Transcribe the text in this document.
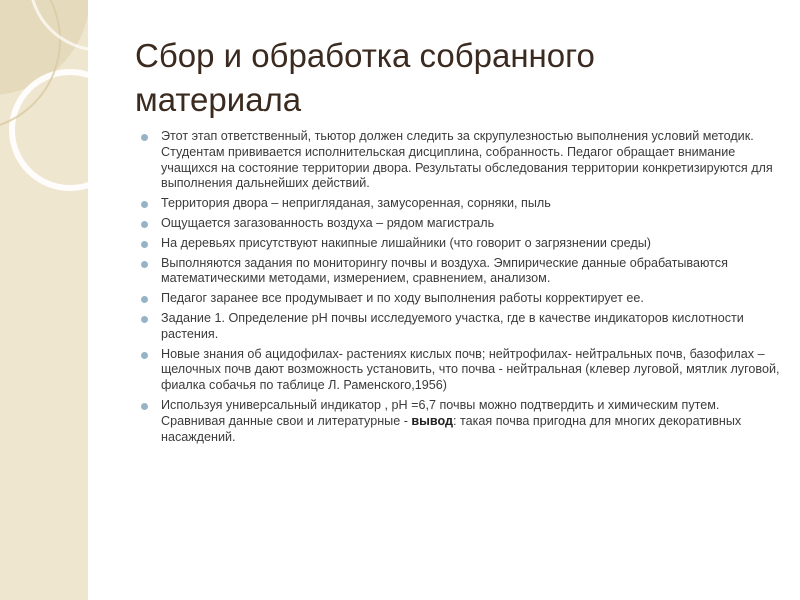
Сбор и обработка собранного материала
Этот этап ответственный, тьютор должен следить за скрупулезностью выполнения условий методик. Студентам прививается исполнительская дисциплина, собранность. Педагог обращает внимание учащихся на состояние территории двора. Результаты обследования территории конкретизируются для выполнения дальнейших действий.
Территория двора – непригляданая, замусоренная, сорняки, пыль
Ощущается загазованность воздуха – рядом магистраль
На деревьях присутствуют накипные лишайники (что говорит о загрязнении среды)
Выполняются задания по мониторингу почвы и воздуха. Эмпирические данные обрабатываются математическими методами, измерением, сравнением, анализом.
Педагог заранее все продумывает и по ходу выполнения работы корректирует ее.
Задание 1. Определение рН почвы исследуемого участка, где в качестве индикаторов кислотности растения.
Новые знания об ацидофилах- растениях кислых почв; нейтрофилах- нейтральных почв, базофилах –щелочных почв дают возможность установить, что почва - нейтральная (клевер луговой, мятлик луговой, фиалка собачья по таблице Л. Раменского,1956)
Используя универсальный индикатор , рН =6,7 почвы можно подтвердить и химическим путем. Сравнивая данные свои и литературные - вывод: такая почва пригодна для многих декоративных насаждений.
